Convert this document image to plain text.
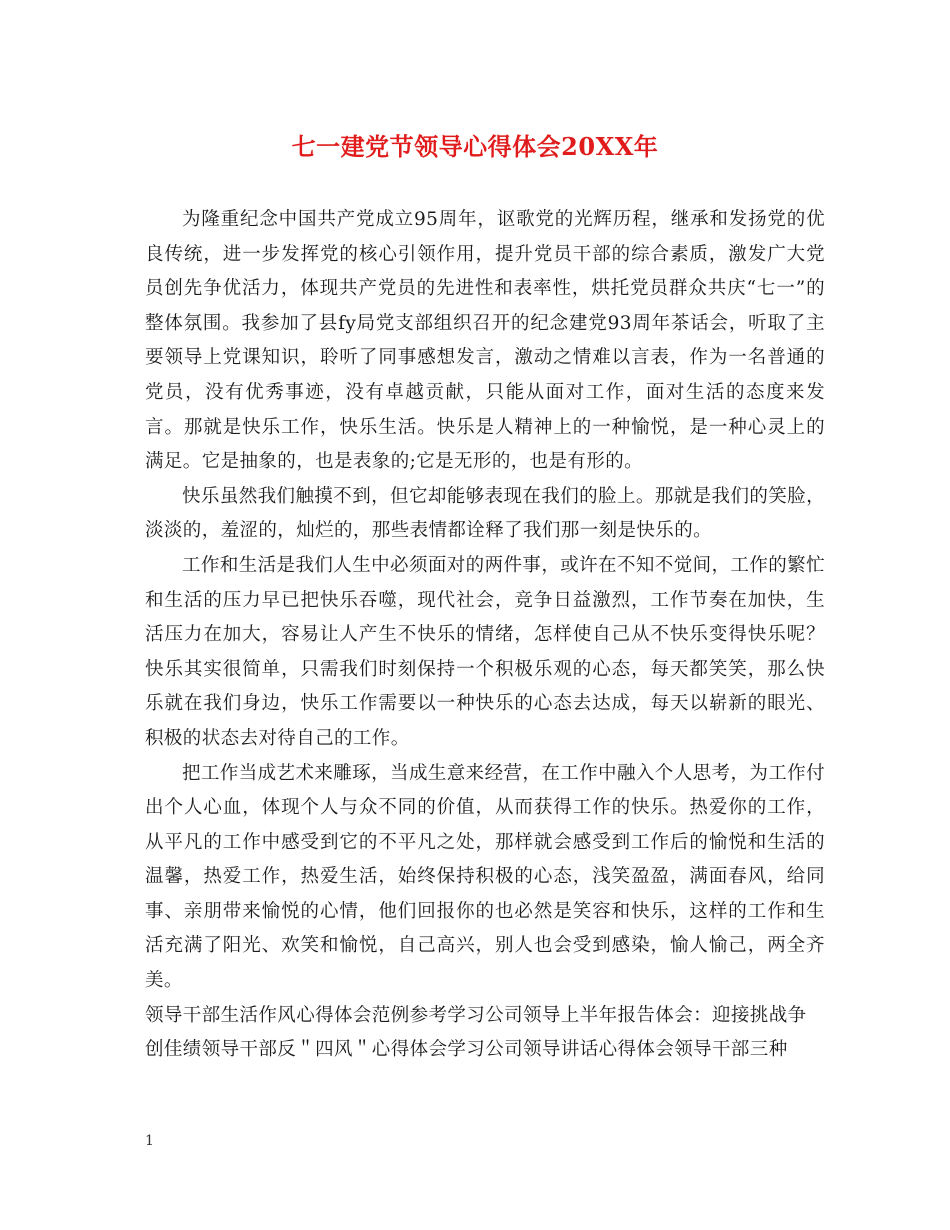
七一建党节领导心得体会20XX年

为隆重纪念中国共产党成立95周年，讴歌党的光辉历程，继承和发扬党的优良传统，进一步发挥党的核心引领作用，提升党员干部的综合素质，激发广大党员创先争优活力，体现共产党员的先进性和表率性，烘托党员群众共庆“七一”的整体氛围。我参加了县fy局党支部组织召开的纪念建党93周年茶话会，听取了主要领导上党课知识，聆听了同事感想发言，激动之情难以言表，作为一名普通的党员，没有优秀事迹，没有卓越贡献，只能从面对工作，面对生活的态度来发言。那就是快乐工作，快乐生活。快乐是人精神上的一种愉悦，是一种心灵上的满足。它是抽象的，也是表象的;它是无形的，也是有形的。

快乐虽然我们触摸不到，但它却能够表现在我们的脸上。那就是我们的笑脸，淡淡的，羞涩的，灿烂的，那些表情都诠释了我们那一刻是快乐的。

工作和生活是我们人生中必须面对的两件事，或许在不知不觉间，工作的繁忙和生活的压力早已把快乐吞噬，现代社会，竞争日益激烈，工作节奏在加快，生活压力在加大，容易让人产生不快乐的情绪，怎样使自己从不快乐变得快乐呢？快乐其实很简单，只需我们时刻保持一个积极乐观的心态，每天都笑笑，那么快乐就在我们身边，快乐工作需要以一种快乐的心态去达成，每天以崭新的眼光、积极的状态去对待自己的工作。

把工作当成艺术来雕琢，当成生意来经营，在工作中融入个人思考，为工作付出个人心血，体现个人与众不同的价值，从而获得工作的快乐。热爱你的工作，从平凡的工作中感受到它的不平凡之处，那样就会感受到工作后的愉悦和生活的温馨，热爱工作，热爱生活，始终保持积极的心态，浅笑盈盈，满面春风，给同事、亲朋带来愉悦的心情，他们回报你的也必然是笑容和快乐，这样的工作和生活充满了阳光、欢笑和愉悦，自己高兴，别人也会受到感染，愉人愉己，两全齐美。

领导干部生活作风心得体会范例参考学习公司领导上半年报告体会：迎接挑战争创佳绩领导干部反＂四风＂心得体会学习公司领导讲话心得体会领导干部三种

1
